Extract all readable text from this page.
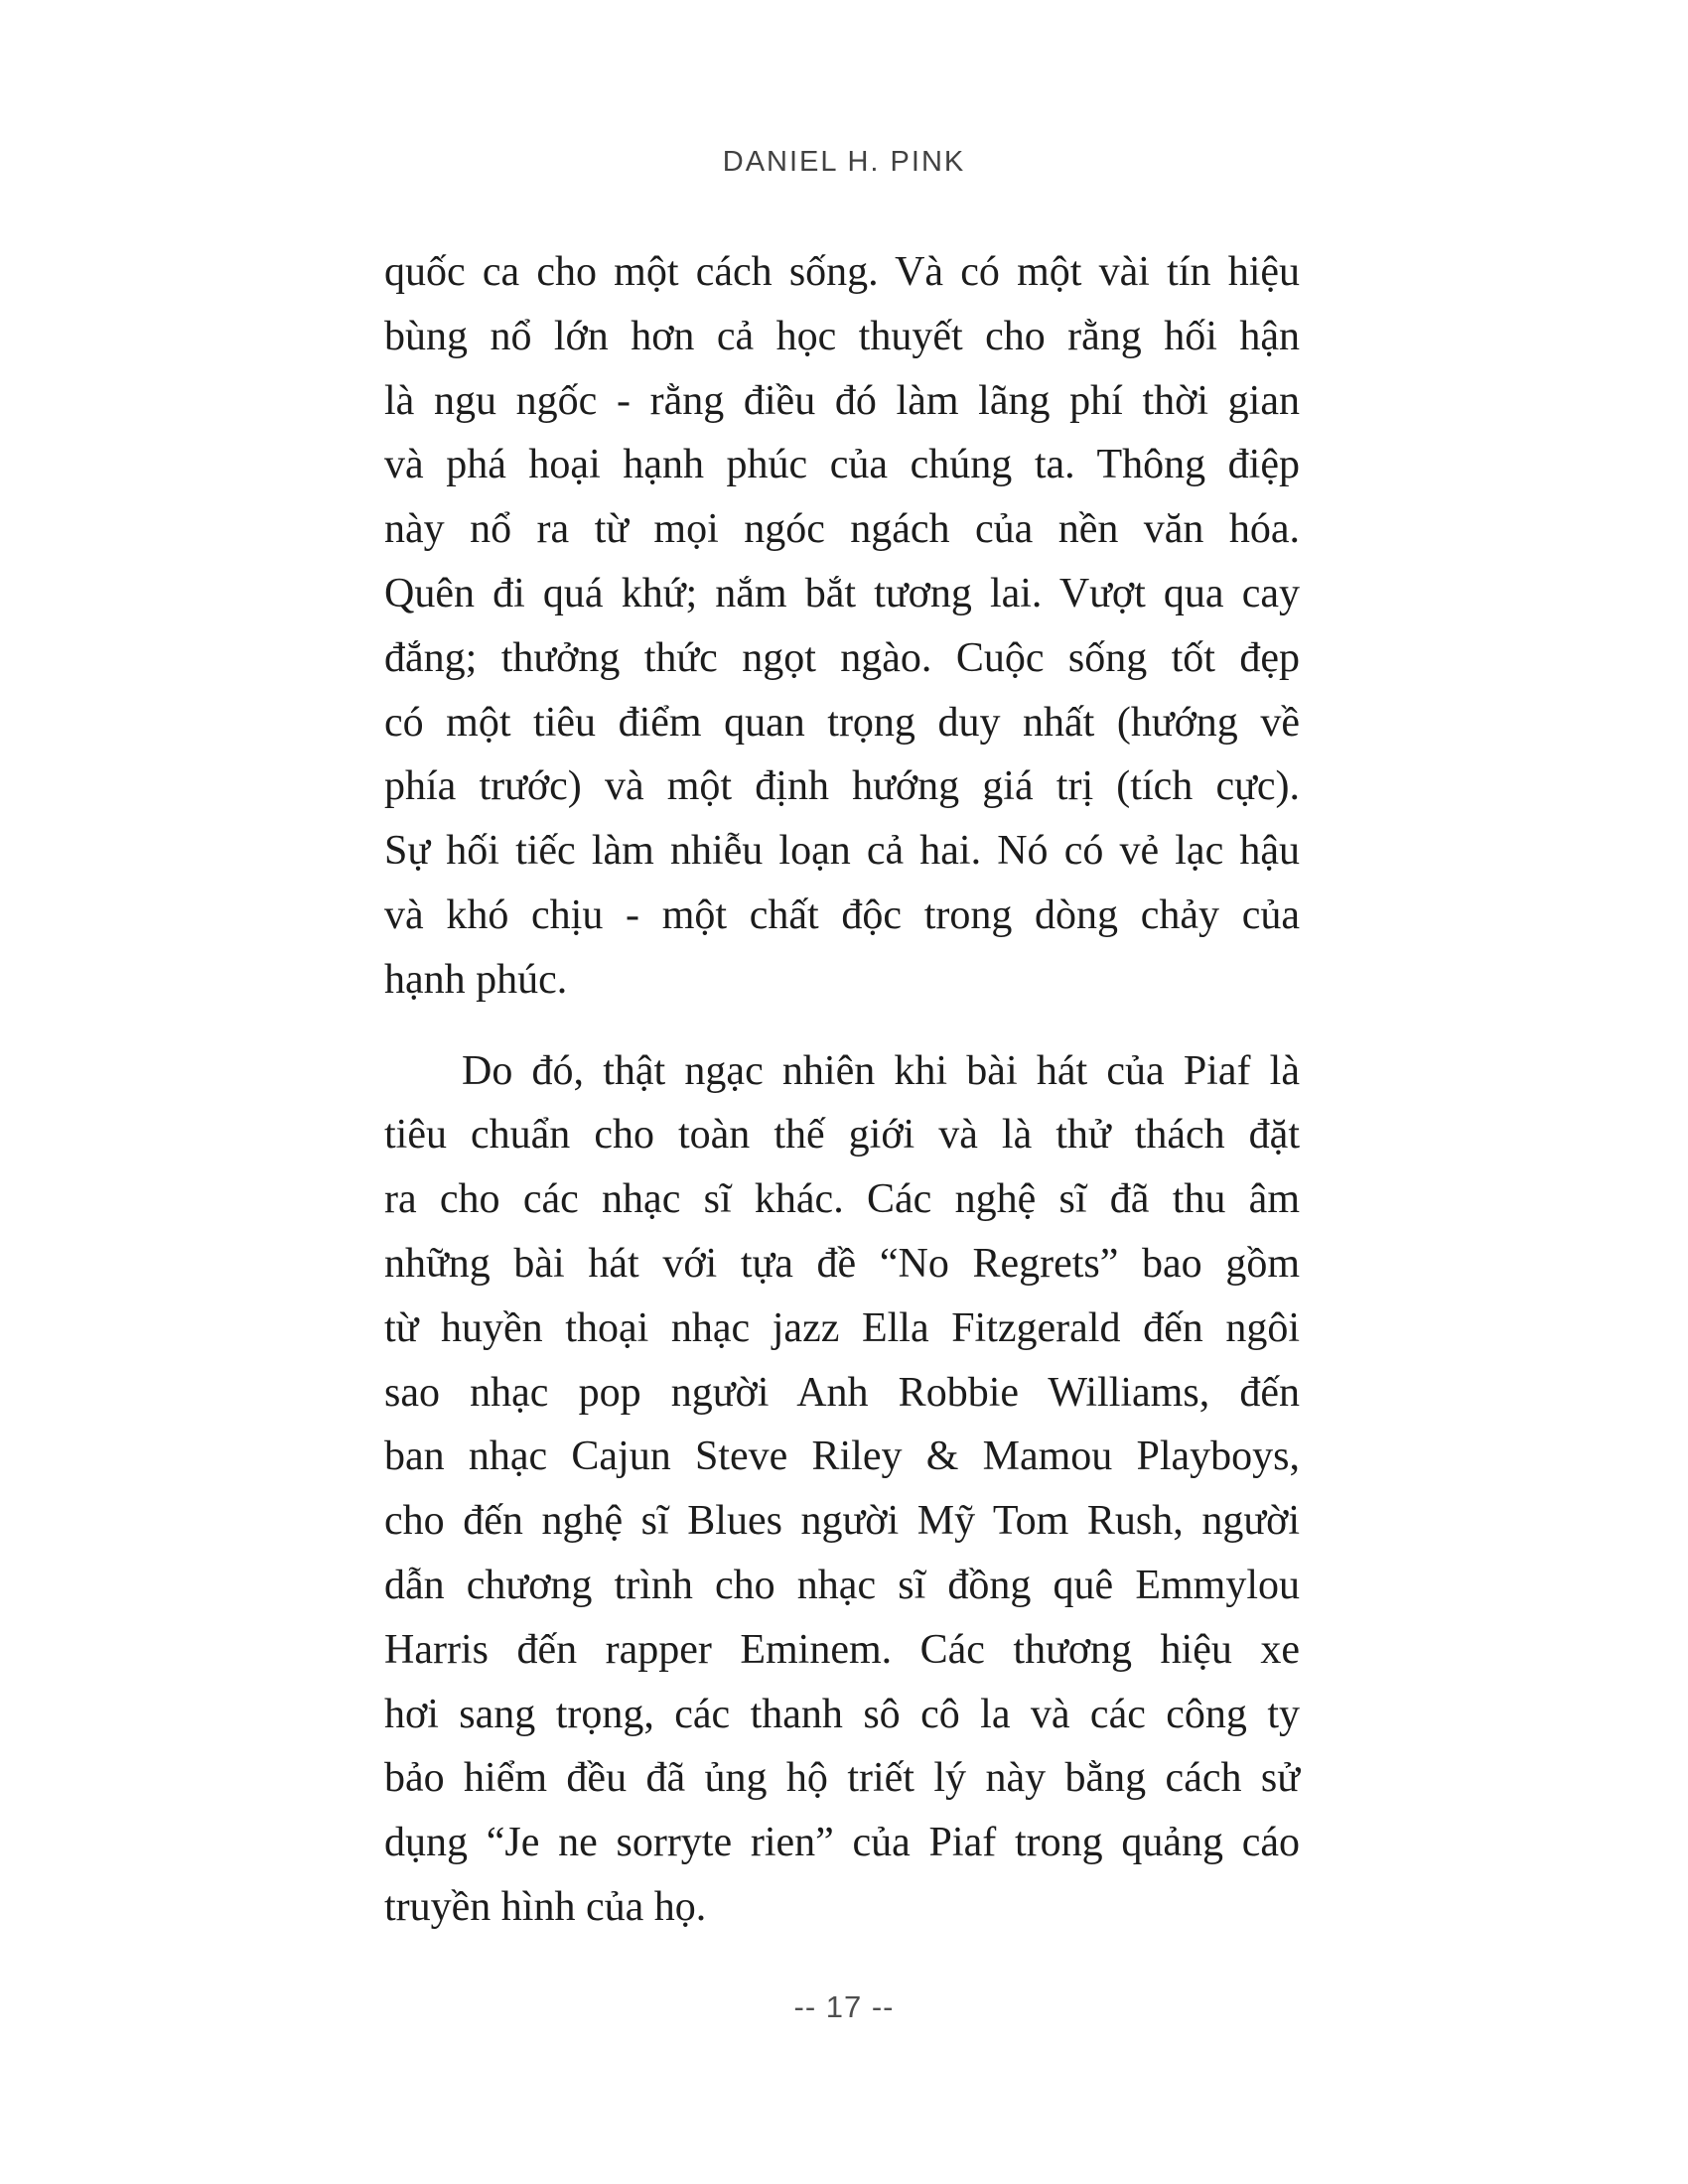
DANIEL H. PINK
quốc ca cho một cách sống. Và có một vài tín hiệu
bùng nổ lớn hơn cả học thuyết cho rằng hối hận
là ngu ngốc - rằng điều đó làm lãng phí thời gian
và phá hoại hạnh phúc của chúng ta. Thông điệp
này nổ ra từ mọi ngóc ngách của nền văn hóa.
Quên đi quá khứ; nắm bắt tương lai. Vượt qua cay
đắng; thưởng thức ngọt ngào. Cuộc sống tốt đẹp
có một tiêu điểm quan trọng duy nhất (hướng về
phía trước) và một định hướng giá trị (tích cực).
Sự hối tiếc làm nhiễu loạn cả hai. Nó có vẻ lạc hậu
và khó chịu - một chất độc trong dòng chảy của
hạnh phúc.
Do đó, thật ngạc nhiên khi bài hát của Piaf là
tiêu chuẩn cho toàn thế giới và là thử thách đặt
ra cho các nhạc sĩ khác. Các nghệ sĩ đã thu âm
những bài hát với tựa đề “No Regrets” bao gồm
từ huyền thoại nhạc jazz Ella Fitzgerald đến ngôi
sao nhạc pop người Anh Robbie Williams, đến
ban nhạc Cajun Steve Riley & Mamou Playboys,
cho đến nghệ sĩ Blues người Mỹ Tom Rush, người
dẫn chương trình cho nhạc sĩ đồng quê Emmylou
Harris đến rapper Eminem. Các thương hiệu xe
hơi sang trọng, các thanh sô cô la và các công ty
bảo hiểm đều đã ủng hộ triết lý này bằng cách sử
dụng “Je ne sorryte rien” của Piaf trong quảng cáo
truyền hình của họ.
-- 17 --
